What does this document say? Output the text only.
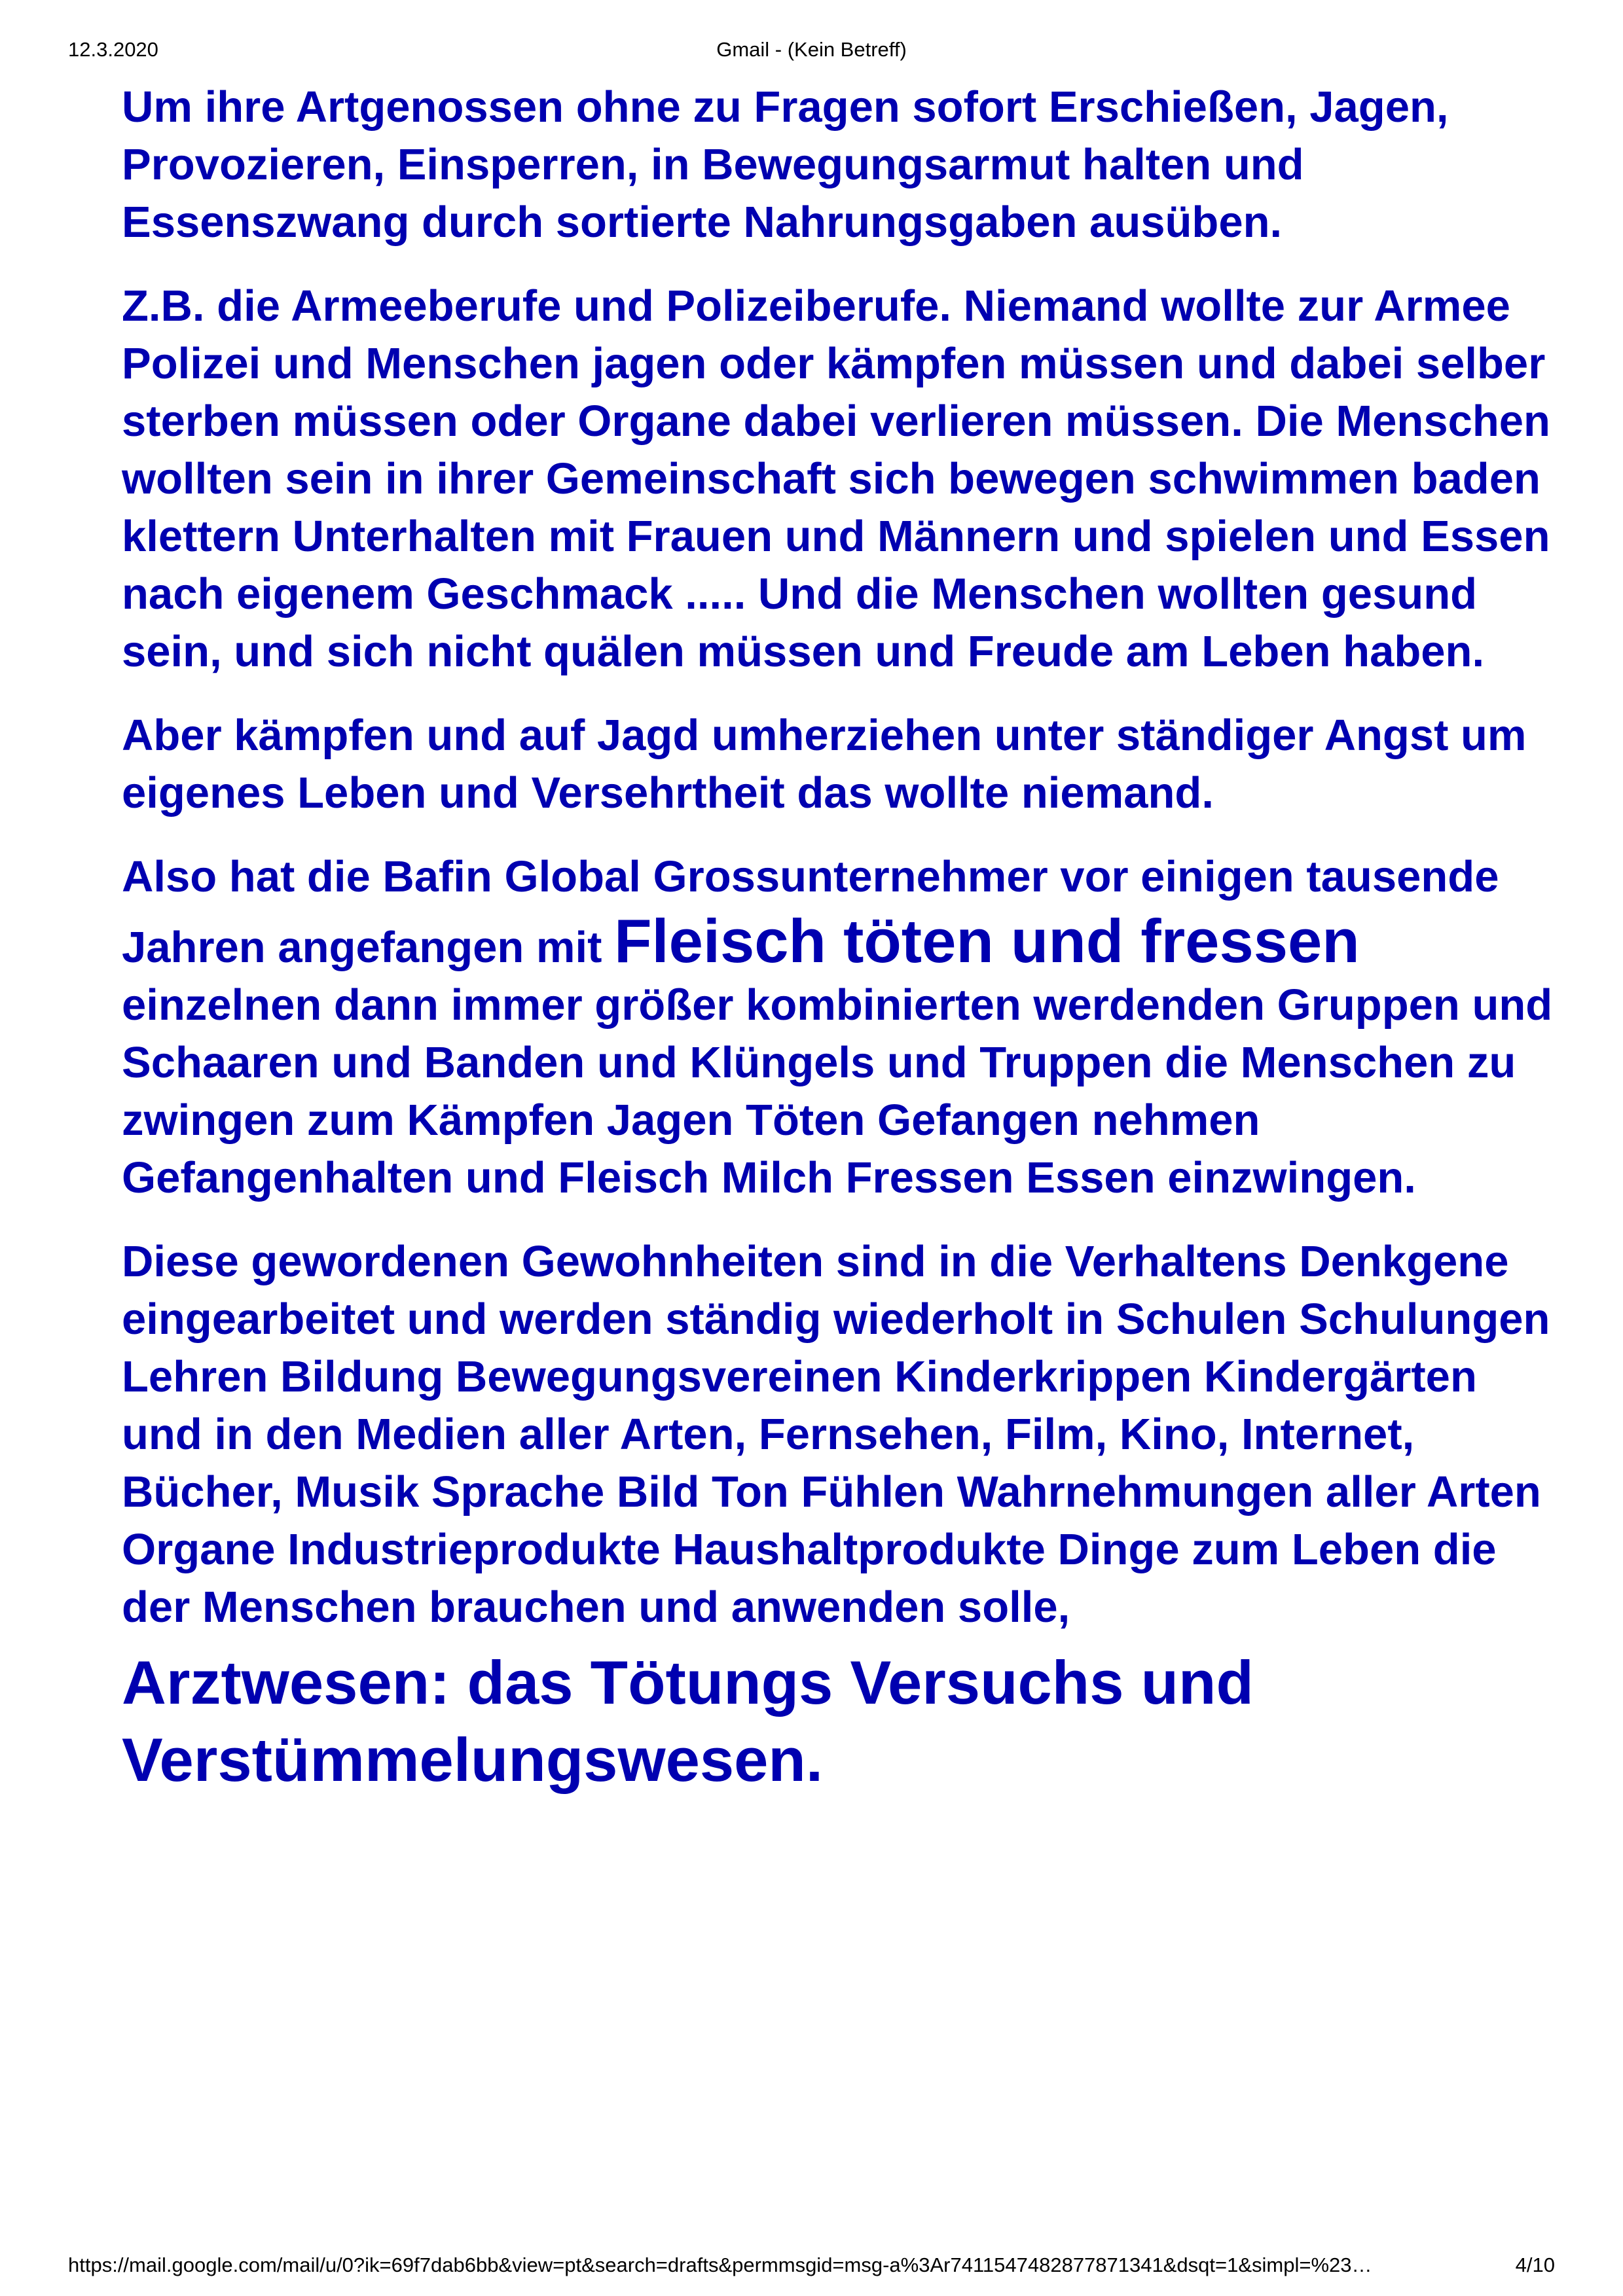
12.3.2020	Gmail - (Kein Betreff)

Um ihre Artgenossen ohne zu Fragen sofort Erschießen, Jagen, Provozieren, Einsperren, in Bewegungsarmut halten und Essenszwang durch sortierte Nahrungsgaben ausüben.

Z.B. die Armeeberufe und Polizeiberufe. Niemand wollte zur Armee Polizei und Menschen jagen oder kämpfen müssen und dabei selber sterben müssen oder Organe dabei verlieren müssen. Die Menschen wollten sein in ihrer Gemeinschaft sich bewegen schwimmen baden klettern Unterhalten mit Frauen und Männern und spielen und Essen nach eigenem Geschmack ..... Und die Menschen wollten gesund sein, und sich nicht quälen müssen und Freude am Leben haben.

Aber kämpfen und auf Jagd umherziehen unter ständiger Angst um eigenes Leben und Versehrtheit das wollte niemand.

Also hat die Bafin Global Grossunternehmer vor einigen tausende Jahren angefangen mit Fleisch töten und fressen einzelnen dann immer größer kombinierten werdenden Gruppen und Schaaren und Banden und Klüngels und Truppen die Menschen zu zwingen zum Kämpfen Jagen Töten Gefangen nehmen Gefangenhalten und Fleisch Milch Fressen Essen einzwingen.

Diese gewordenen Gewohnheiten sind in die Verhaltens Denkgene eingearbeitet und werden ständig wiederholt in Schulen Schulungen Lehren Bildung Bewegungsvereinen Kinderkrippen Kindergärten und in den Medien aller Arten, Fernsehen, Film, Kino, Internet, Bücher, Musik Sprache Bild Ton Fühlen Wahrnehmungen aller Arten Organe Industrieprodukte Haushaltprodukte Dinge zum Leben die der Menschen brauchen und anwenden solle,

Arztwesen: das Tötungs Versuchs und Verstümmelungswesen.

https://mail.google.com/mail/u/0?ik=69f7dab6bb&view=pt&search=drafts&permmsgid=msg-a%3Ar7411547482877871341&dsqt=1&simpl=%23…	4/10
